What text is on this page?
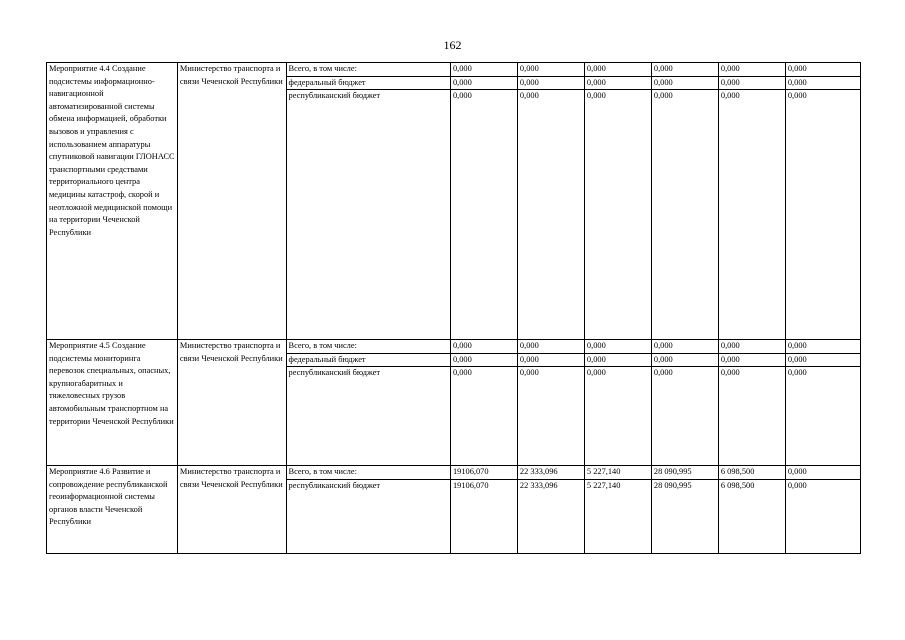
162
Мероприятие 4.4 Создание подсистемы информационно-навигационной автоматизированной системы обмена информацией, обработки вызовов и управления с использованием аппаратуры спутниковой навигации ГЛОНАСС транспортными средствами территориального центра медицины катастроф, скорой и неотложной медицинской помощи на территории Чеченской Республики	Министерство транспорта и связи Чеченской Республики	Всего, в том числе:	0,000	0,000	0,000	0,000	0,000	0,000
		федеральный бюджет	0,000	0,000	0,000	0,000	0,000	0,000
		республиканский бюджет	0,000	0,000	0,000	0,000	0,000	0,000
Мероприятие 4.5 Создание подсистемы мониторинга перевозок специальных, опасных, крупногабаритных и тяжеловесных грузов автомобильным транспортном на территории Чеченской Республики	Министерство транспорта и связи Чеченской Республики	Всего, в том числе:	0,000	0,000	0,000	0,000	0,000	0,000
		федеральный бюджет	0,000	0,000	0,000	0,000	0,000	0,000
		республиканский бюджет	0,000	0,000	0,000	0,000	0,000	0,000
Мероприятие 4.6 Развитие и сопровождение республиканской геоинформационной системы органов власти Чеченской Республики	Министерство транспорта и связи Чеченской Республики	Всего, в том числе:	19106,070	22 333,096	5 227,140	28 090,995	6 098,500	0,000
		республиканский бюджет	19106,070	22 333,096	5 227,140	28 090,995	6 098,500	0,000
